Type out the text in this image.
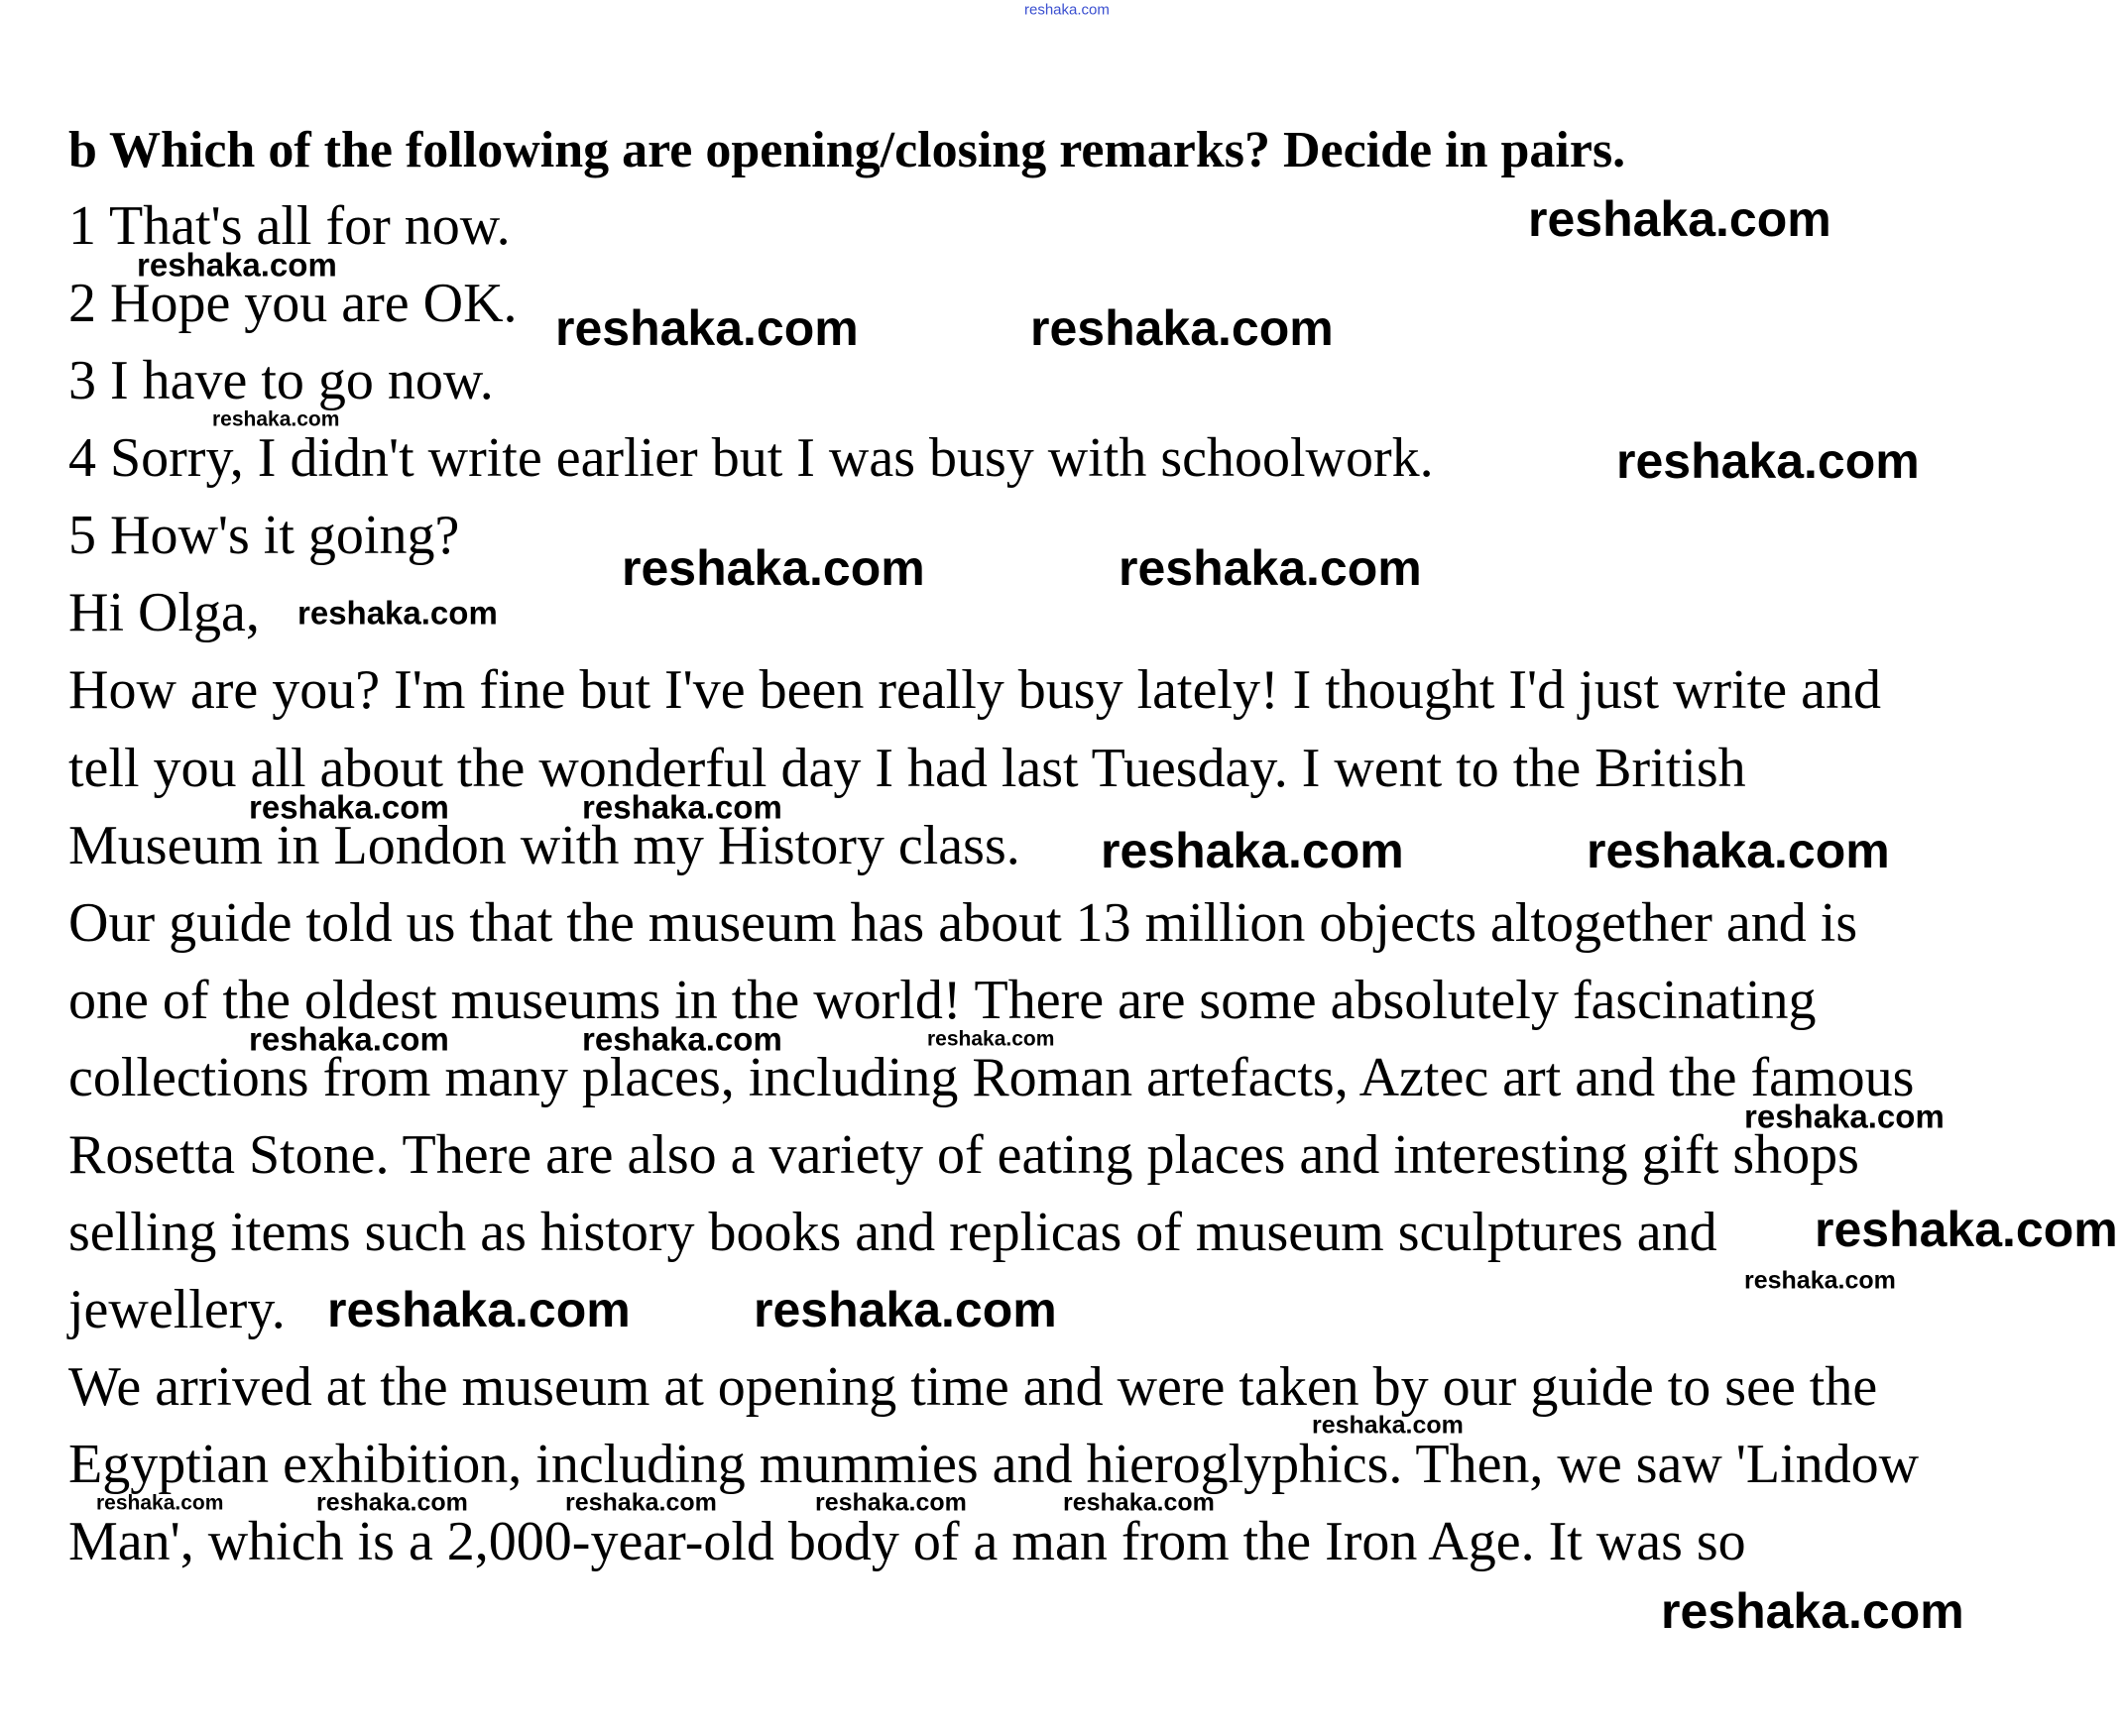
reshaka.com
b Which of the following are opening/closing remarks? Decide in pairs.
1 That's all for now.
2 Hope you are OK.
3 I have to go now.
4 Sorry, I didn't write earlier but I was busy with schoolwork.
5 How's it going?
Hi Olga,
How are you? I'm fine but I've been really busy lately! I thought I'd just write and
tell you all about the wonderful day I had last Tuesday. I went to the British
Museum in London with my History class.
Our guide told us that the museum has about 13 million objects altogether and is
one of the oldest museums in the world! There are some absolutely fascinating
collections from many places, including Roman artefacts, Aztec art and the famous
Rosetta Stone. There are also a variety of eating places and interesting gift shops
selling items such as history books and replicas of museum sculptures and
jewellery.
We arrived at the museum at opening time and were taken by our guide to see the
Egyptian exhibition, including mummies and hieroglyphics. Then, we saw 'Lindow
Man', which is a 2,000-year-old body of a man from the Iron Age. It was so
reshaka.com
reshaka.com
reshaka.com	reshaka.com
reshaka.com
reshaka.com
reshaka.com	reshaka.com
reshaka.com
reshaka.com	reshaka.com
reshaka.com	reshaka.com
reshaka.com	reshaka.com	reshaka.com
reshaka.com
reshaka.com
reshaka.com reshaka.com
reshaka.com
reshaka.com
reshaka.com	reshaka.com	reshaka.com	reshaka.com	reshaka.com
reshaka.com
